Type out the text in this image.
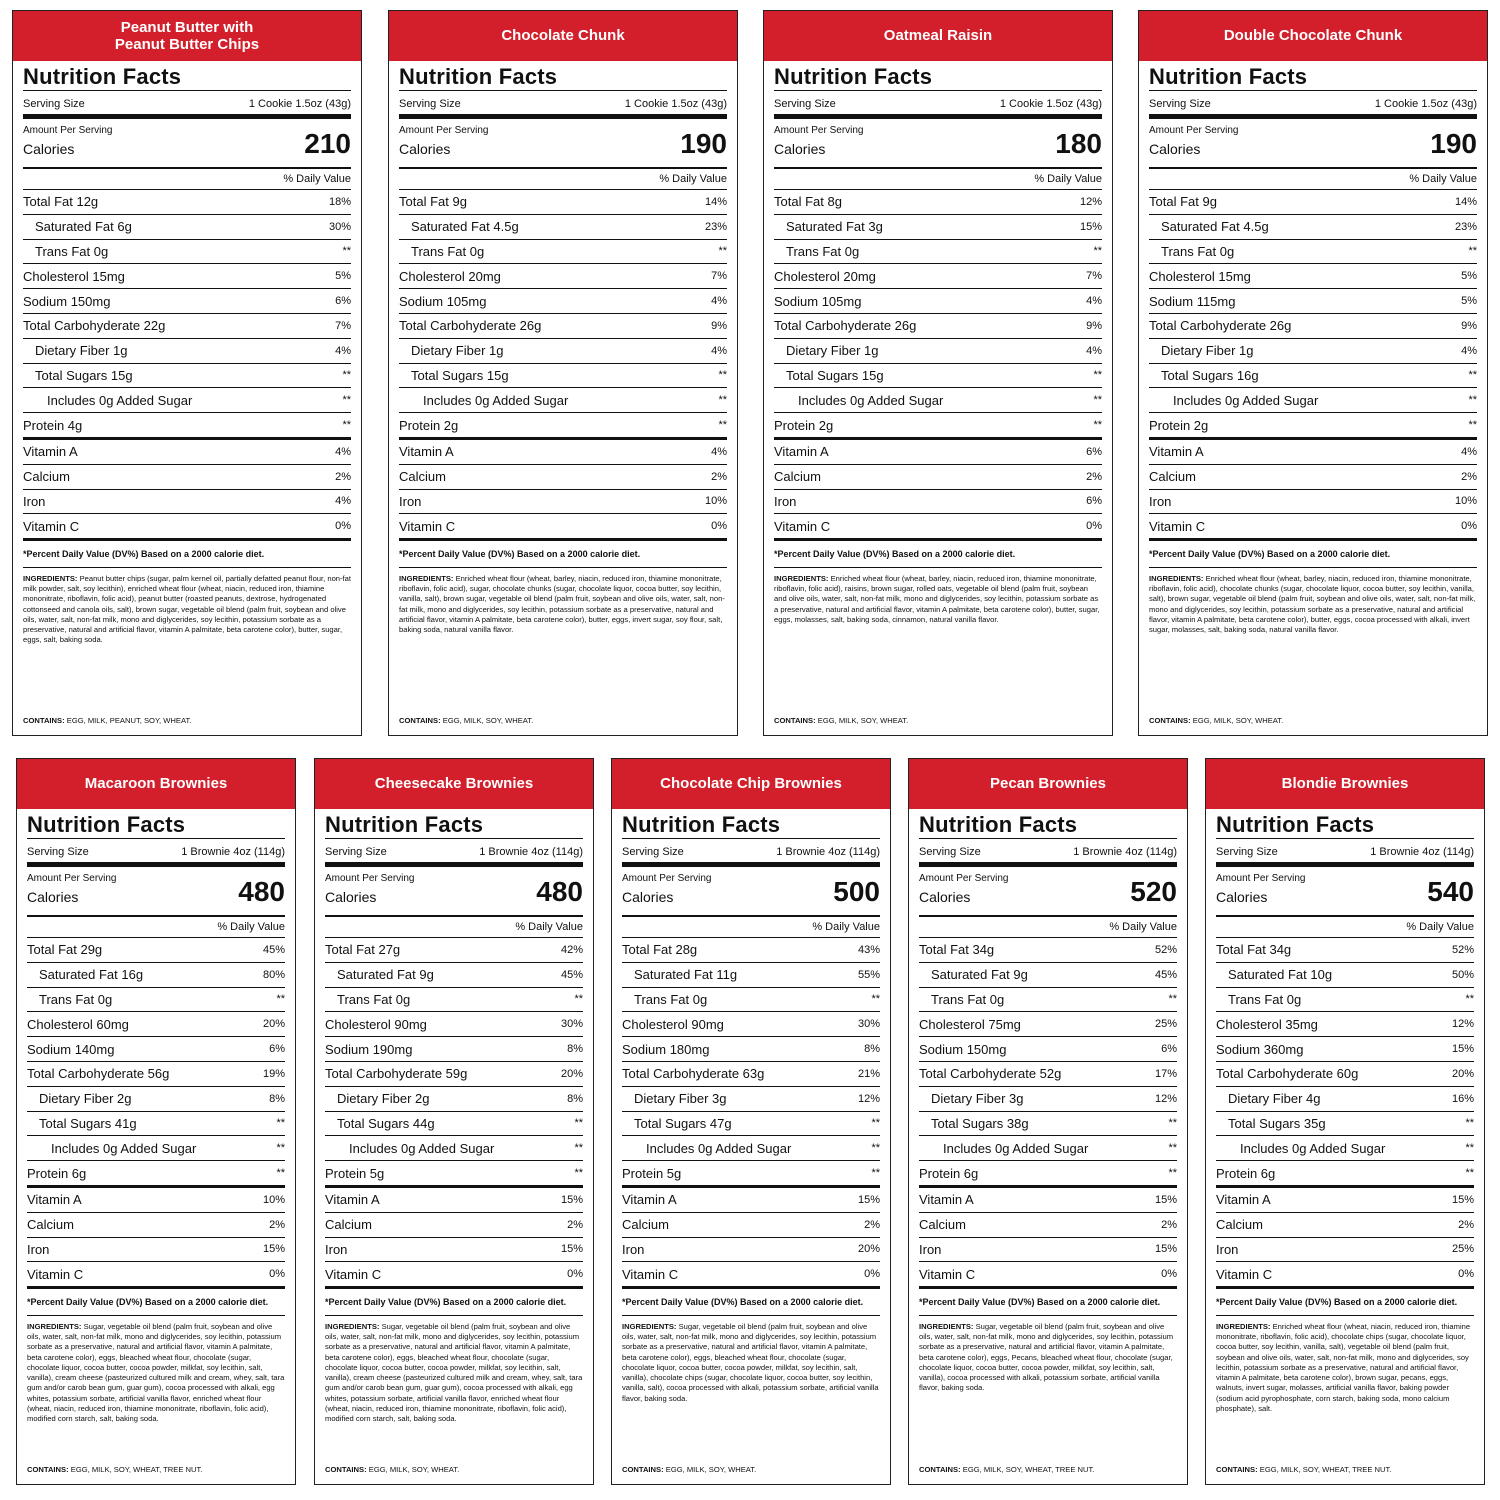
Peanut Butter with
Peanut Butter Chips
Nutrition Facts
Serving Size	1 Cookie 1.5oz (43g)
Amount Per Serving
Calories	210
% Daily Value
Total Fat 12g	18%
Saturated Fat 6g	30%
Trans Fat 0g	**
Cholesterol 15mg	5%
Sodium 150mg	6%
Total Carbohyderate 22g	7%
Dietary Fiber 1g	4%
Total Sugars 15g	**
Includes 0g Added Sugar	**
Protein 4g	**
Vitamin A	4%
Calcium	2%
Iron	4%
Vitamin C	0%
*Percent Daily Value (DV%) Based on a 2000 calorie diet.
INGREDIENTS: Peanut butter chips (sugar, palm kernel oil, partially defatted peanut flour, non-fat milk powder, salt, soy lecithin), enriched wheat flour (wheat, niacin, reduced iron, thiamine mononitrate, riboflavin, folic acid), peanut butter (roasted peanuts, dextrose, hydrogenated cottonseed and canola oils, salt), brown sugar, vegetable oil blend (palm fruit, soybean and olive oils, water, salt, non-fat milk, mono and diglycerides, soy lecithin, potassium sorbate as a preservative, natural and artificial flavor, vitamin A palmitate, beta carotene color), butter, sugar, eggs, salt, baking soda.
CONTAINS: EGG, MILK, PEANUT, SOY, WHEAT.
Chocolate Chunk
Nutrition Facts
Serving Size	1 Cookie 1.5oz (43g)
Amount Per Serving
Calories	190
% Daily Value
Total Fat 9g	14%
Saturated Fat 4.5g	23%
Trans Fat 0g	**
Cholesterol 20mg	7%
Sodium 105mg	4%
Total Carbohyderate 26g	9%
Dietary Fiber 1g	4%
Total Sugars 15g	**
Includes 0g Added Sugar	**
Protein 2g	**
Vitamin A	4%
Calcium	2%
Iron	10%
Vitamin C	0%
*Percent Daily Value (DV%) Based on a 2000 calorie diet.
INGREDIENTS: Enriched wheat flour (wheat, barley, niacin, reduced iron, thiamine mononitrate, riboflavin, folic acid), sugar, chocolate chunks (sugar, chocolate liquor, cocoa butter, soy lecithin, vanilla, salt), brown sugar, vegetable oil blend (palm fruit, soybean and olive oils, water, salt, non-fat milk, mono and diglycerides, soy lecithin, potassium sorbate as a preservative, natural and artificial flavor, vitamin A palmitate, beta carotene color), butter, eggs, invert sugar, soy flour, salt, baking soda, natural vanilla flavor.
CONTAINS: EGG, MILK, SOY, WHEAT.
Oatmeal Raisin
Nutrition Facts
Serving Size	1 Cookie 1.5oz (43g)
Amount Per Serving
Calories	180
% Daily Value
Total Fat 8g	12%
Saturated Fat 3g	15%
Trans Fat 0g	**
Cholesterol 20mg	7%
Sodium 105mg	4%
Total Carbohyderate 26g	9%
Dietary Fiber 1g	4%
Total Sugars 15g	**
Includes 0g Added Sugar	**
Protein 2g	**
Vitamin A	6%
Calcium	2%
Iron	6%
Vitamin C	0%
*Percent Daily Value (DV%) Based on a 2000 calorie diet.
INGREDIENTS: Enriched wheat flour (wheat, barley, niacin, reduced iron, thiamine mononitrate, riboflavin, folic acid), raisins, brown sugar, rolled oats, vegetable oil blend (palm fruit, soybean and olive oils, water, salt, non-fat milk, mono and diglycerides, soy lecithin, potassium sorbate as a preservative, natural and artificial flavor, vitamin A palmitate, beta carotene color), butter, sugar, eggs, molasses, salt, baking soda, cinnamon, natural vanilla flavor.
CONTAINS: EGG, MILK, SOY, WHEAT.
Double Chocolate Chunk
Nutrition Facts
Serving Size	1 Cookie 1.5oz (43g)
Amount Per Serving
Calories	190
% Daily Value
Total Fat 9g	14%
Saturated Fat 4.5g	23%
Trans Fat 0g	**
Cholesterol 15mg	5%
Sodium 115mg	5%
Total Carbohyderate 26g	9%
Dietary Fiber 1g	4%
Total Sugars 16g	**
Includes 0g Added Sugar	**
Protein 2g	**
Vitamin A	4%
Calcium	2%
Iron	10%
Vitamin C	0%
*Percent Daily Value (DV%) Based on a 2000 calorie diet.
INGREDIENTS: Enriched wheat flour (wheat, barley, niacin, reduced iron, thiamine mononitrate, riboflavin, folic acid), chocolate chunks (sugar, chocolate liquor, cocoa butter, soy lecithin, vanilla, salt), brown sugar, vegetable oil blend (palm fruit, soybean and olive oils, water, salt, non-fat milk, mono and diglycerides, soy lecithin, potassium sorbate as a preservative, natural and artificial flavor, vitamin A palmitate, beta carotene color), butter, eggs, cocoa processed with alkali, invert sugar, molasses, salt, baking soda, natural vanilla flavor.
CONTAINS: EGG, MILK, SOY, WHEAT.
Macaroon Brownies
Nutrition Facts
Serving Size	1 Brownie 4oz (114g)
Amount Per Serving
Calories	480
% Daily Value
Total Fat 29g	45%
Saturated Fat 16g	80%
Trans Fat 0g	**
Cholesterol 60mg	20%
Sodium 140mg	6%
Total Carbohyderate 56g	19%
Dietary Fiber 2g	8%
Total Sugars 41g	**
Includes 0g Added Sugar	**
Protein 6g	**
Vitamin A	10%
Calcium	2%
Iron	15%
Vitamin C	0%
*Percent Daily Value (DV%) Based on a 2000 calorie diet.
INGREDIENTS: Sugar, vegetable oil blend (palm fruit, soybean and olive oils, water, salt, non-fat milk, mono and diglycerides, soy lecithin, potassium sorbate as a preservative, natural and artificial flavor, vitamin A palmitate, beta carotene color), eggs, bleached wheat flour, chocolate (sugar, chocolate liquor, cocoa butter, cocoa powder, milkfat, soy lecithin, salt, vanilla), cream cheese (pasteurized cultured milk and cream, whey, salt, tara gum and/or carob bean gum, guar gum), cocoa processed with alkali, egg whites, potassium sorbate, artificial vanilla flavor, enriched wheat flour (wheat, niacin, reduced iron, thiamine mononitrate, riboflavin, folic acid), modified corn starch, salt, baking soda.
CONTAINS: EGG, MILK, SOY, WHEAT, TREE NUT.
Cheesecake Brownies
Nutrition Facts
Serving Size	1 Brownie 4oz (114g)
Amount Per Serving
Calories	480
% Daily Value
Total Fat 27g	42%
Saturated Fat 9g	45%
Trans Fat 0g	**
Cholesterol 90mg	30%
Sodium 190mg	8%
Total Carbohyderate 59g	20%
Dietary Fiber 2g	8%
Total Sugars 44g	**
Includes 0g Added Sugar	**
Protein 5g	**
Vitamin A	15%
Calcium	2%
Iron	15%
Vitamin C	0%
*Percent Daily Value (DV%) Based on a 2000 calorie diet.
INGREDIENTS: Sugar, vegetable oil blend (palm fruit, soybean and olive oils, water, salt, non-fat milk, mono and diglycerides, soy lecithin, potassium sorbate as a preservative, natural and artificial flavor, vitamin A palmitate, beta carotene color), eggs, bleached wheat flour, chocolate (sugar, chocolate liquor, cocoa butter, cocoa powder, milkfat, soy lecithin, salt, vanilla), cream cheese (pasteurized cultured milk and cream, whey, salt, tara gum and/or carob bean gum, guar gum), cocoa processed with alkali, egg whites, potassium sorbate, artificial vanilla flavor, enriched wheat flour (wheat, niacin, reduced iron, thiamine mononitrate, riboflavin, folic acid), modified corn starch, salt, baking soda.
CONTAINS: EGG, MILK, SOY, WHEAT.
Chocolate Chip Brownies
Nutrition Facts
Serving Size	1 Brownie 4oz (114g)
Amount Per Serving
Calories	500
% Daily Value
Total Fat 28g	43%
Saturated Fat 11g	55%
Trans Fat 0g	**
Cholesterol 90mg	30%
Sodium 180mg	8%
Total Carbohyderate 63g	21%
Dietary Fiber 3g	12%
Total Sugars 47g	**
Includes 0g Added Sugar	**
Protein 5g	**
Vitamin A	15%
Calcium	2%
Iron	20%
Vitamin C	0%
*Percent Daily Value (DV%) Based on a 2000 calorie diet.
INGREDIENTS: Sugar, vegetable oil blend (palm fruit, soybean and olive oils, water, salt, non-fat milk, mono and diglycerides, soy lecithin, potassium sorbate as a preservative, natural and artificial flavor, vitamin A palmitate, beta carotene color), eggs, bleached wheat flour, chocolate (sugar, chocolate liquor, cocoa butter, cocoa powder, milkfat, soy lecithin, salt, vanilla), chocolate chips (sugar, chocolate liquor, cocoa butter, soy lecithin, vanilla, salt), cocoa processed with alkali, potassium sorbate, artificial vanilla flavor, baking soda.
CONTAINS: EGG, MILK, SOY, WHEAT.
Pecan Brownies
Nutrition Facts
Serving Size	1 Brownie 4oz (114g)
Amount Per Serving
Calories	520
% Daily Value
Total Fat 34g	52%
Saturated Fat 9g	45%
Trans Fat 0g	**
Cholesterol 75mg	25%
Sodium 150mg	6%
Total Carbohyderate 52g	17%
Dietary Fiber 3g	12%
Total Sugars 38g	**
Includes 0g Added Sugar	**
Protein 6g	**
Vitamin A	15%
Calcium	2%
Iron	15%
Vitamin C	0%
*Percent Daily Value (DV%) Based on a 2000 calorie diet.
INGREDIENTS: Sugar, vegetable oil blend (palm fruit, soybean and olive oils, water, salt, non-fat milk, mono and diglycerides, soy lecithin, potassium sorbate as a preservative, natural and artificial flavor, vitamin A palmitate, beta carotene color), eggs, Pecans, bleached wheat flour, chocolate (sugar, chocolate liquor, cocoa butter, cocoa powder, milkfat, soy lecithin, salt, vanilla), cocoa processed with alkali, potassium sorbate, artificial vanilla flavor, baking soda.
CONTAINS: EGG, MILK, SOY, WHEAT, TREE NUT.
Blondie Brownies
Nutrition Facts
Serving Size	1 Brownie 4oz (114g)
Amount Per Serving
Calories	540
% Daily Value
Total Fat 34g	52%
Saturated Fat 10g	50%
Trans Fat 0g	**
Cholesterol 35mg	12%
Sodium 360mg	15%
Total Carbohyderate 60g	20%
Dietary Fiber 4g	16%
Total Sugars 35g	**
Includes 0g Added Sugar	**
Protein 6g	**
Vitamin A	15%
Calcium	2%
Iron	25%
Vitamin C	0%
*Percent Daily Value (DV%) Based on a 2000 calorie diet.
INGREDIENTS: Enriched wheat flour (wheat, niacin, reduced iron, thiamine mononitrate, riboflavin, folic acid), chocolate chips (sugar, chocolate liquor, cocoa butter, soy lecithin, vanilla, salt), vegetable oil blend (palm fruit, soybean and olive oils, water, salt, non-fat milk, mono and diglycerides, soy lecithin, potassium sorbate as a preservative, natural and artificial flavor, vitamin A palmitate, beta carotene color), brown sugar, pecans, eggs, walnuts, invert sugar, molasses, artificial vanilla flavor, baking powder (sodium acid pyrophosphate, corn starch, baking soda, mono calcium phosphate), salt.
CONTAINS: EGG, MILK, SOY, WHEAT, TREE NUT.
